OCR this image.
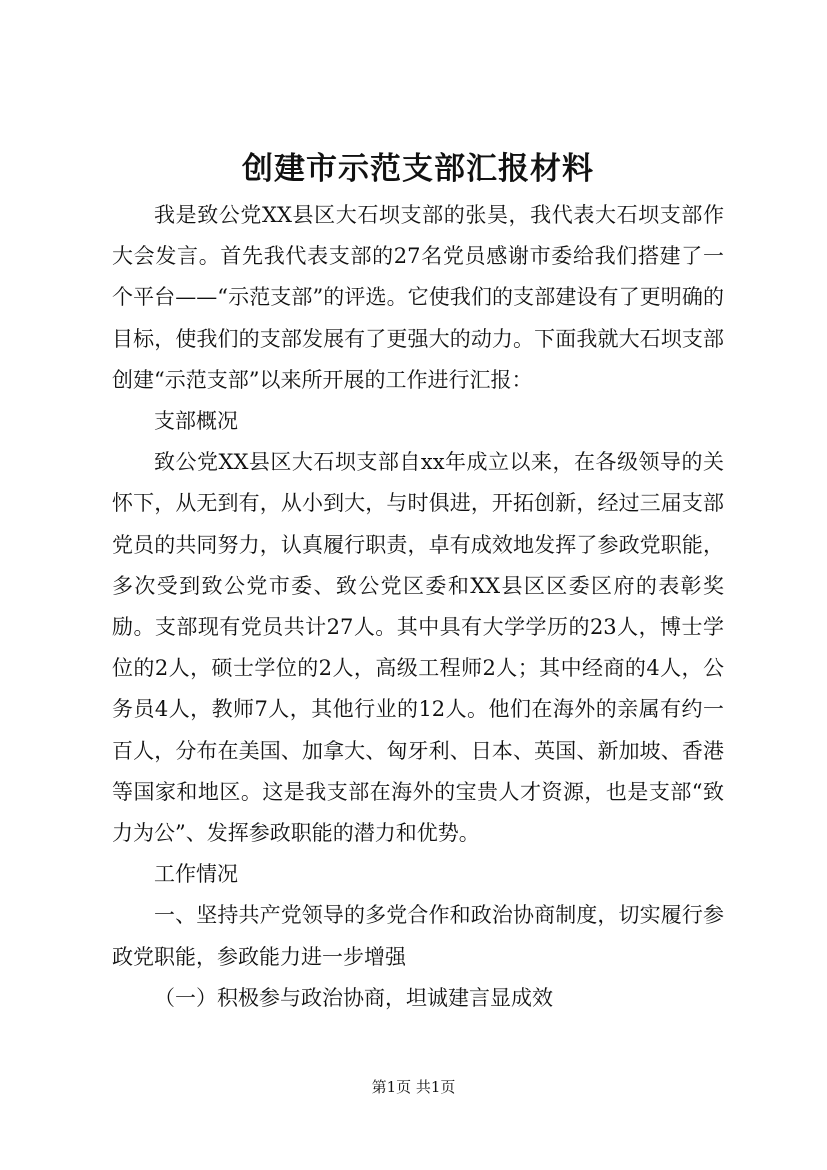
创建市示范支部汇报材料

我是致公党XX县区大石坝支部的张昊，我代表大石坝支部作大会发言。首先我代表支部的27名党员感谢市委给我们搭建了一个平台——“示范支部”的评选。它使我们的支部建设有了更明确的目标，使我们的支部发展有了更强大的动力。下面我就大石坝支部创建“示范支部”以来所开展的工作进行汇报：

支部概况

致公党XX县区大石坝支部自xx年成立以来，在各级领导的关怀下，从无到有，从小到大，与时俱进，开拓创新，经过三届支部党员的共同努力，认真履行职责，卓有成效地发挥了参政党职能，多次受到致公党市委、致公党区委和XX县区区委区府的表彰奖励。支部现有党员共计27人。其中具有大学学历的23人，博士学位的2人，硕士学位的2人，高级工程师2人；其中经商的4人，公务员4人，教师7人，其他行业的12人。他们在海外的亲属有约一百人，分布在美国、加拿大、匈牙利、日本、英国、新加坡、香港等国家和地区。这是我支部在海外的宝贵人才资源，也是支部“致力为公”、发挥参政职能的潜力和优势。

工作情况

一、坚持共产党领导的多党合作和政治协商制度，切实履行参政党职能，参政能力进一步增强

（一）积极参与政治协商，坦诚建言显成效

第1页 共1页
